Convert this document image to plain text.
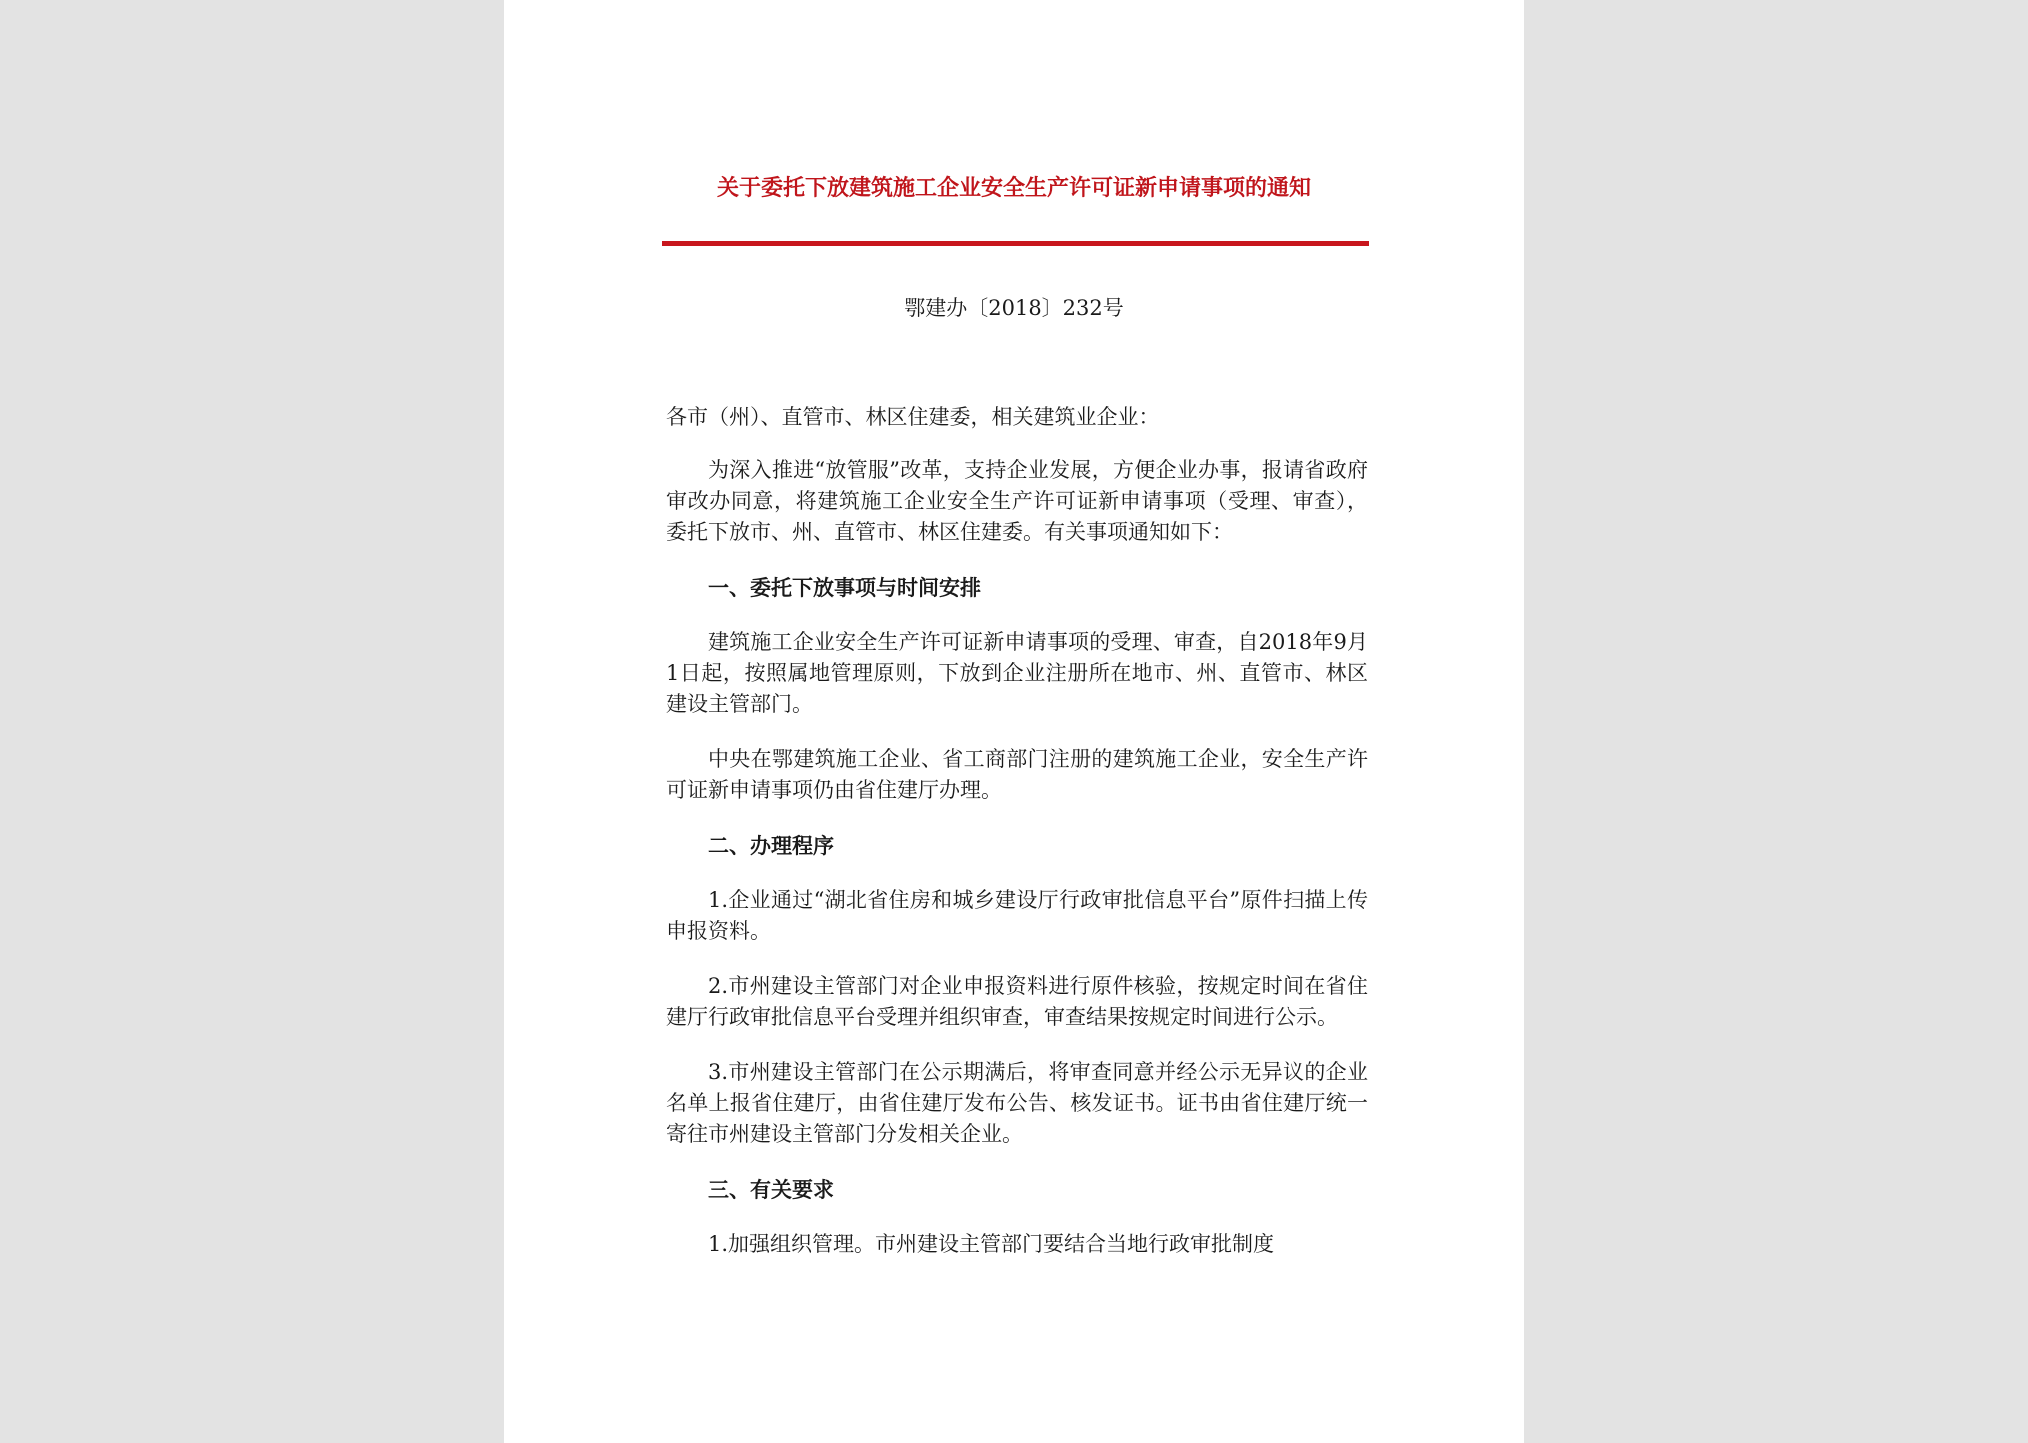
关于委托下放建筑施工企业安全生产许可证新申请事项的通知
鄂建办〔2018〕232号

各市（州）、直管市、林区住建委，相关建筑业企业：

为深入推进“放管服”改革，支持企业发展，方便企业办事，报请省政府审改办同意，将建筑施工企业安全生产许可证新申请事项（受理、审查），委托下放市、州、直管市、林区住建委。有关事项通知如下：

一、委托下放事项与时间安排

建筑施工企业安全生产许可证新申请事项的受理、审查，自2018年9月1日起，按照属地管理原则，下放到企业注册所在地市、州、直管市、林区建设主管部门。

中央在鄂建筑施工企业、省工商部门注册的建筑施工企业，安全生产许可证新申请事项仍由省住建厅办理。

二、办理程序

1.企业通过“湖北省住房和城乡建设厅行政审批信息平台”原件扫描上传申报资料。

2.市州建设主管部门对企业申报资料进行原件核验，按规定时间在省住建厅行政审批信息平台受理并组织审查，审查结果按规定时间进行公示。

3.市州建设主管部门在公示期满后，将审查同意并经公示无异议的企业名单上报省住建厅，由省住建厅发布公告、核发证书。证书由省住建厅统一寄往市州建设主管部门分发相关企业。

三、有关要求

1.加强组织管理。市州建设主管部门要结合当地行政审批制度
